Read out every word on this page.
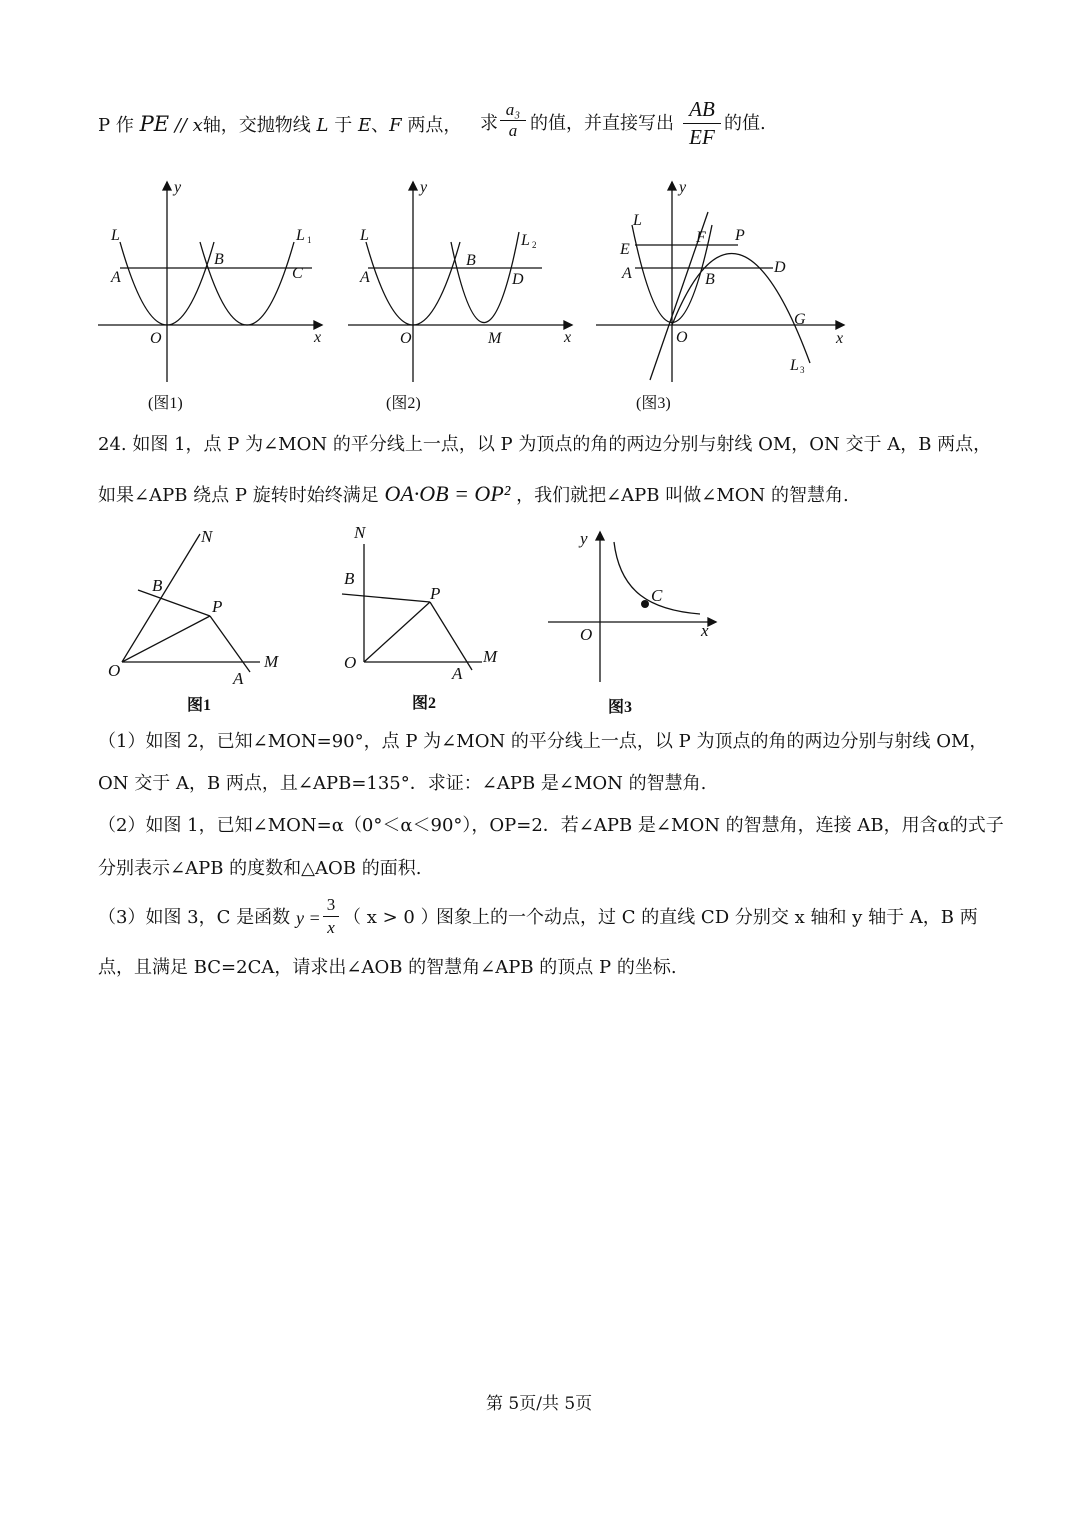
P 作 PE // x轴，交抛物线 L 于 E、F 两点， 求 $\frac{\text{a₃}}{a}$ 的值，并直接写出 $\frac{AB}{EF}$ 的值.
y
x
L	L 1
A
B
C
O
(图1)
y
x
L	L 2
A
B
D
O	M
(图2)
y
x
L
E
F P
A	B
D
O
G
L 3
(图3)
24. 如图 1，点 P 为∠MON 的平分线上一点，以 P 为顶点的角的两边分别与射线 OM，ON 交于 A，B 两点，
如果∠APB 绕点 P 旋转时始终满足 OA·OB = OP² ，我们就把∠APB 叫做∠MON 的智慧角.
N
B
P
O	A
M
图1
N
B
P
O
A
M
图2
y
C
O	x
图3
（1）如图 2，已知∠MON=90°，点 P 为∠MON 的平分线上一点，以 P 为顶点的角的两边分别与射线 OM，
ON 交于 A，B 两点，且∠APB=135°．求证：∠APB 是∠MON 的智慧角.
（2）如图 1，已知∠MON=α（0°＜α＜90°），OP=2．若∠APB 是∠MON 的智慧角，连接 AB，用含α的式子
分别表示∠APB 的度数和△AOB 的面积.
（3）如图 3，C 是函数 $y = \frac{3}{x}$ （ x > 0 ）
图象上的一个动点，过 C 的直线 CD 分别交 x 轴和 y 轴于 A，B 两
点，且满足 BC=2CA，请求出∠AOB 的智慧角∠APB 的顶点 P 的坐标.
第 5页/共 5页
